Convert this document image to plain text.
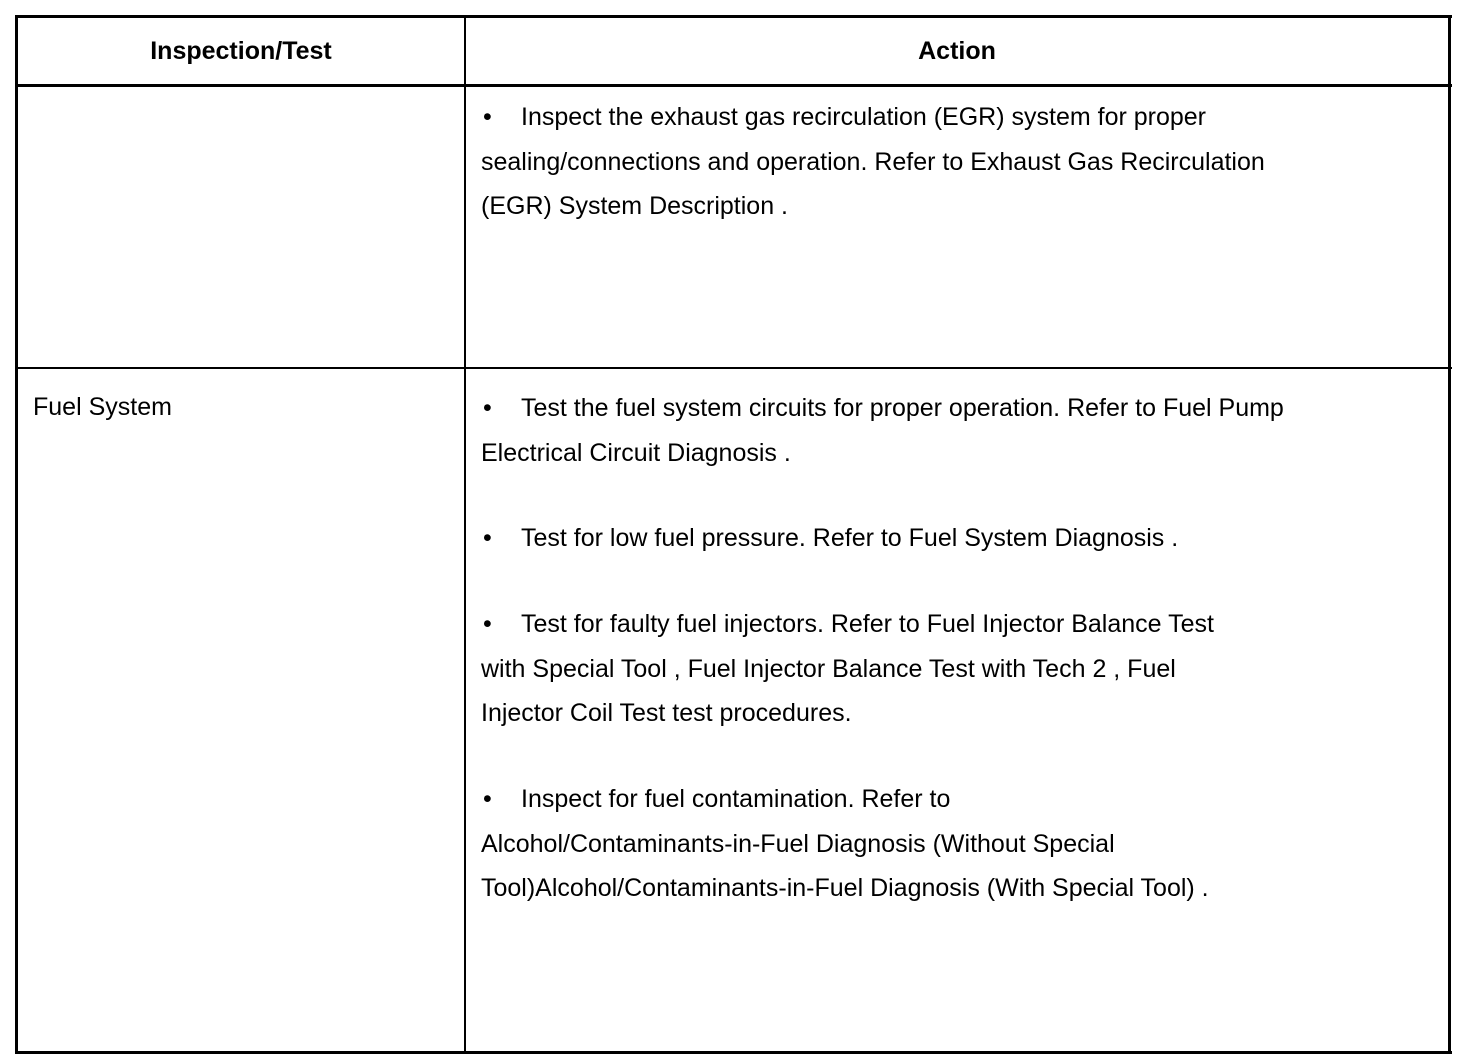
Inspection/Test	Action

• Inspect the exhaust gas recirculation (EGR) system for proper

sealing/connections and operation. Refer to Exhaust Gas Recirculation

(EGR) System Description .

Fuel System	• Test the fuel system circuits for proper operation. Refer to Fuel Pump

Electrical Circuit Diagnosis .

• Test for low fuel pressure. Refer to Fuel System Diagnosis .

• Test for faulty fuel injectors. Refer to Fuel Injector Balance Test

with Special Tool , Fuel Injector Balance Test with Tech 2 , Fuel

Injector Coil Test test procedures.

• Inspect for fuel contamination. Refer to

Alcohol/Contaminants-in-Fuel Diagnosis (Without Special

Tool)Alcohol/Contaminants-in-Fuel Diagnosis (With Special Tool) .
